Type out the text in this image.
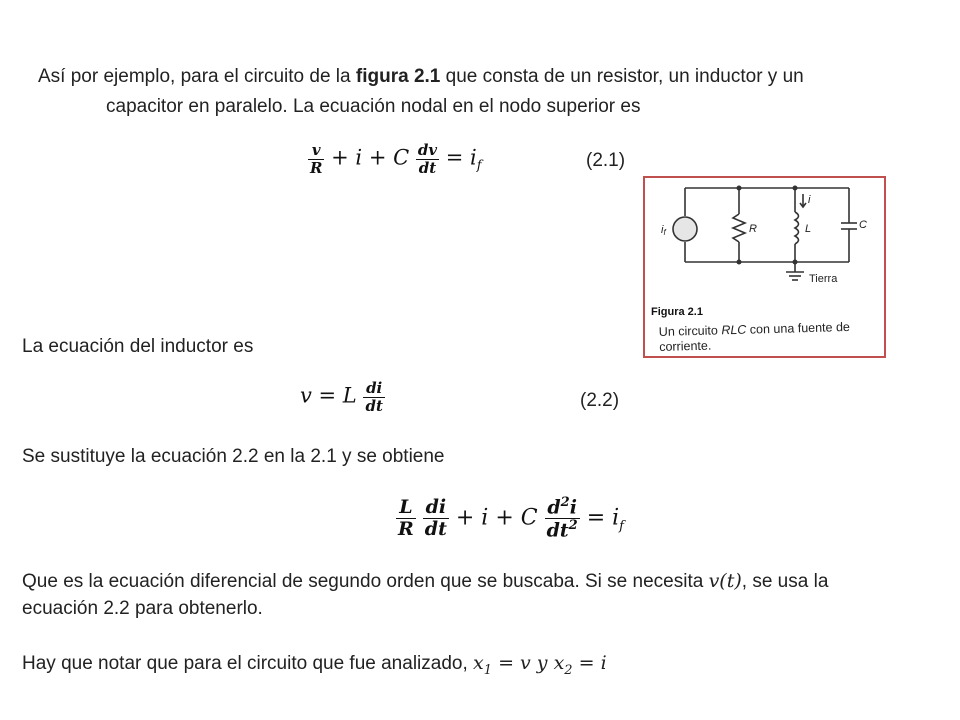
Así por ejemplo, para el circuito de la figura 2.1 que consta de un resistor, un inductor y un
capacitor en paralelo. La ecuación nodal en el nodo superior es
$\frac{v}{R} + i + C \frac{dv}{dt} = i_f$	(2.1)
if	R	L	C
i
Tierra
Figura 2.1
Un circuito RLC con una fuente de corriente.
La ecuación del inductor es
v = L $\frac{di}{dt}$	(2.2)
Se sustituye la ecuación 2.2 en la 2.1 y se obtiene
$\frac{L}{R}$
$\frac{di}{dt} + i + C \frac{d^2i}{dt^2} = i_f$
Que es la ecuación diferencial de segundo orden que se buscaba. Si se necesita v(t), se usa la
ecuación 2.2 para obtenerlo.
Hay que notar que para el circuito que fue analizado, $x_1 = v$ y $x_2 = i$
